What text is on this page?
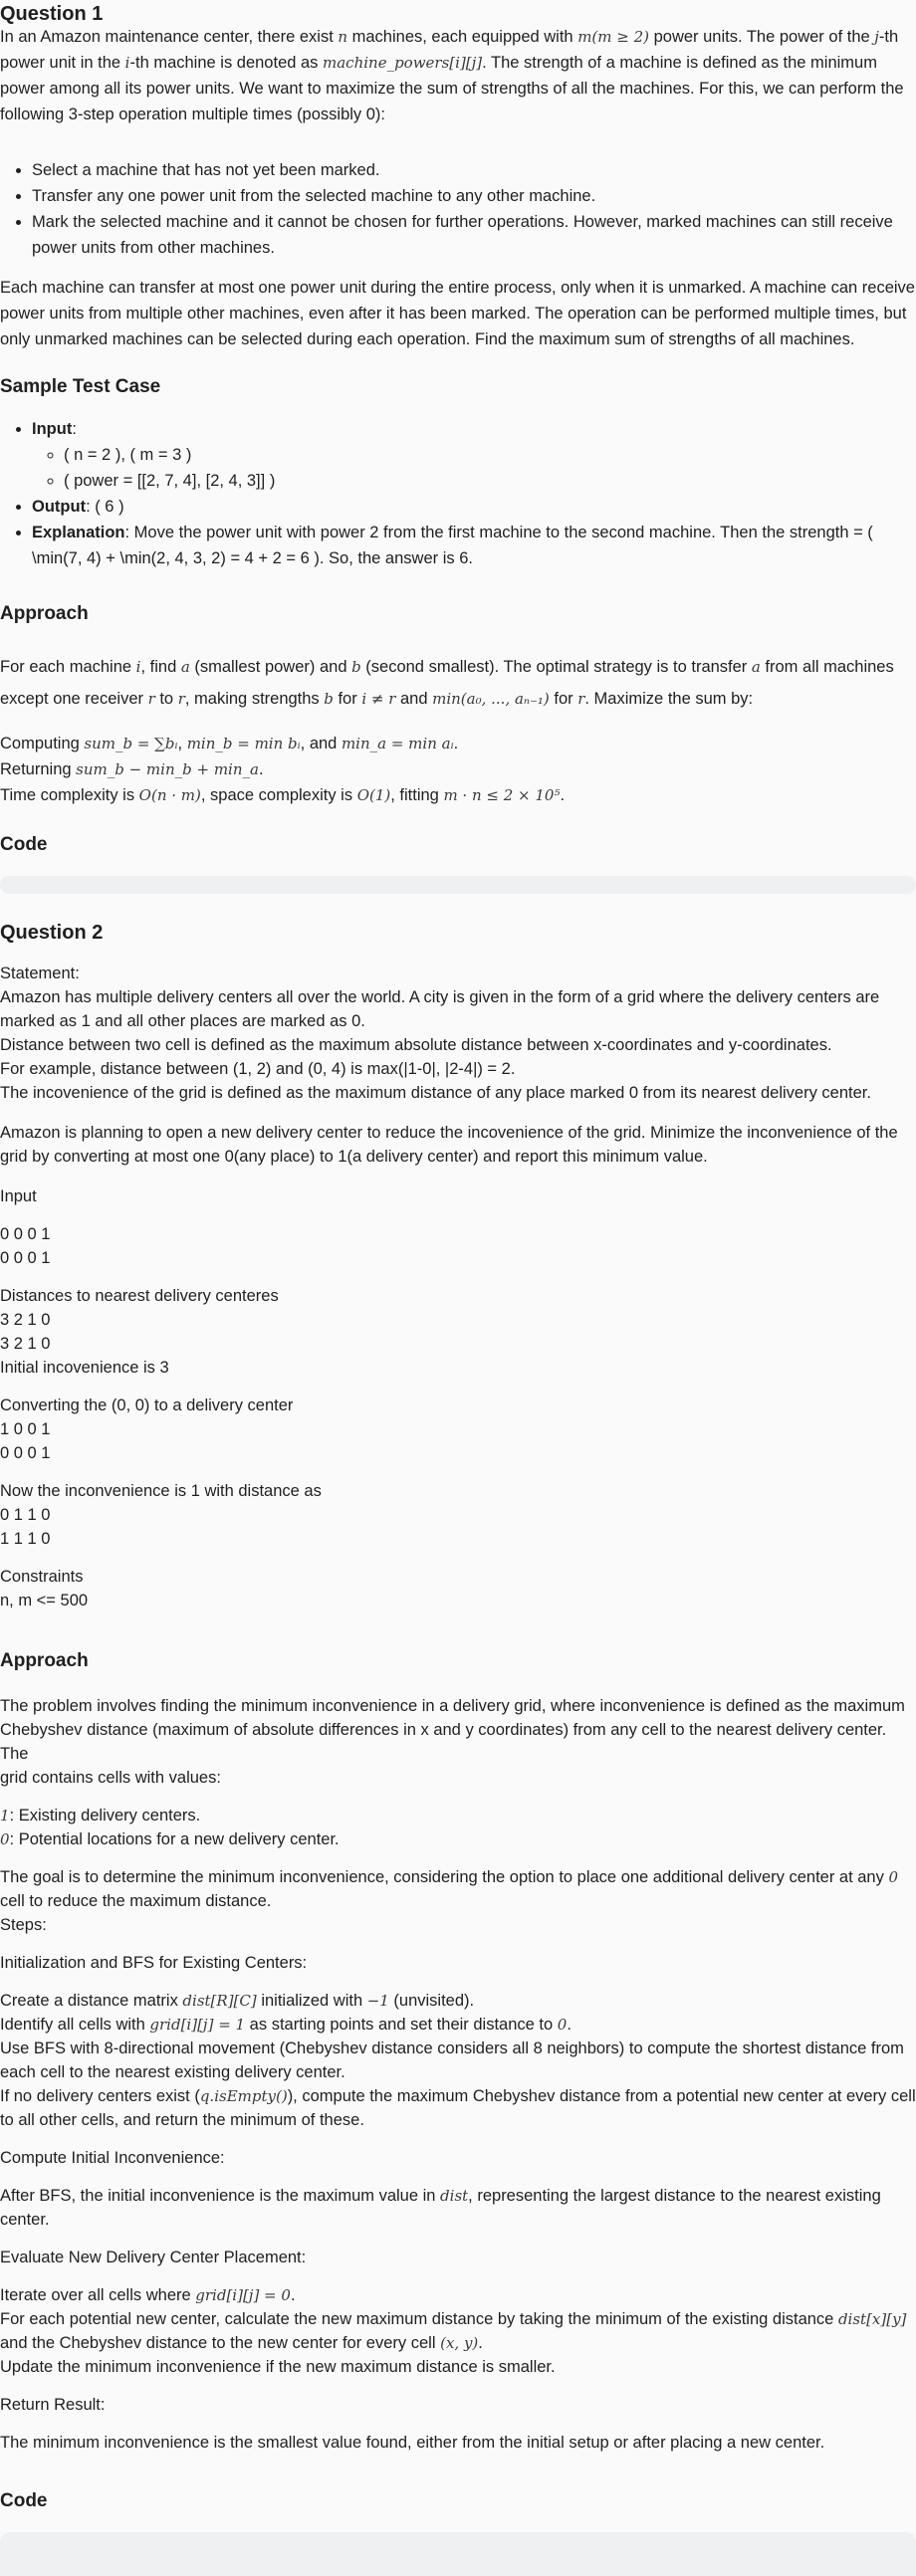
Question 1

In an Amazon maintenance center, there exist n machines, each equipped with m(m ≥ 2) power units. The power of the j-th

power unit in the i-th machine is denoted as machine_powers[i][j]. The strength of a machine is defined as the minimum

power among all its power units. We want to maximize the sum of strengths of all the machines. For this, we can perform the

following 3-step operation multiple times (possibly 0):

• Select a machine that has not yet been marked.
• Transfer any one power unit from the selected machine to any other machine.
• Mark the selected machine and it cannot be chosen for further operations. However, marked machines can still receive
power units from other machines.

Each machine can transfer at most one power unit during the entire process, only when it is unmarked. A machine can receive

power units from multiple other machines, even after it has been marked. The operation can be performed multiple times, but

only unmarked machines can be selected during each operation. Find the maximum sum of strengths of all machines.

Sample Test Case
• Input:
◦ ( n = 2 ), ( m = 3 )
◦ ( power = [[2, 7, 4], [2, 4, 3]] )
• Output: ( 6 )
• Explanation: Move the power unit with power 2 from the first machine to the second machine. Then the strength = (
\min(7, 4) + \min(2, 4, 3, 2) = 4 + 2 = 6 ). So, the answer is 6.
Approach

For each machine i, find a (smallest power) and b (second smallest). The optimal strategy is to transfer a from all machines

except one receiver r to r, making strengths b for i ≠ r and min(a₀, ..., aₙ₋₁) for r. Maximize the sum by:

Computing sum_b = ∑bᵢ, min_b = min bᵢ, and min_a = min aᵢ.

Returning sum_b − min_b + min_a.

Time complexity is O(n · m), space complexity is O(1), fitting m · n ≤ 2 × 10⁵.

Code
Question 2

Statement:

Amazon has multiple delivery centers all over the world. A city is given in the form of a grid where the delivery centers are

marked as 1 and all other places are marked as 0.

Distance between two cell is defined as the maximum absolute distance between x-coordinates and y-coordinates.

For example, distance between (1, 2) and (0, 4) is max(|1-0|, |2-4|) = 2.

The incovenience of the grid is defined as the maximum distance of any place marked 0 from its nearest delivery center.

Amazon is planning to open a new delivery center to reduce the incovenience of the grid. Minimize the inconvenience of the

grid by converting at most one 0(any place) to 1(a delivery center) and report this minimum value.

Input

0 0 0 1

0 0 0 1

Distances to nearest delivery centeres

3 2 1 0

3 2 1 0

Initial incovenience is 3

Converting the (0, 0) to a delivery center

1 0 0 1

0 0 0 1

Now the inconvenience is 1 with distance as

0 1 1 0

1 1 1 0

Constraints

n, m <= 500

Approach

The problem involves finding the minimum inconvenience in a delivery grid, where inconvenience is defined as the maximum

Chebyshev distance (maximum of absolute differences in x and y coordinates) from any cell to the nearest delivery center. The

grid contains cells with values:

1: Existing delivery centers.

0: Potential locations for a new delivery center.

The goal is to determine the minimum inconvenience, considering the option to place one additional delivery center at any 0

cell to reduce the maximum distance.

Steps:

Initialization and BFS for Existing Centers:

Create a distance matrix dist[R][C] initialized with −1 (unvisited).

Identify all cells with grid[i][j] = 1 as starting points and set their distance to 0.

Use BFS with 8-directional movement (Chebyshev distance considers all 8 neighbors) to compute the shortest distance from

each cell to the nearest existing delivery center.

If no delivery centers exist (q.isEmpty()), compute the maximum Chebyshev distance from a potential new center at every cell

to all other cells, and return the minimum of these.

Compute Initial Inconvenience:

After BFS, the initial inconvenience is the maximum value in dist, representing the largest distance to the nearest existing

center.

Evaluate New Delivery Center Placement:

Iterate over all cells where grid[i][j] = 0.

For each potential new center, calculate the new maximum distance by taking the minimum of the existing distance dist[x][y]

and the Chebyshev distance to the new center for every cell (x, y).

Update the minimum inconvenience if the new maximum distance is smaller.

Return Result:

The minimum inconvenience is the smallest value found, either from the initial setup or after placing a new center.

Code
